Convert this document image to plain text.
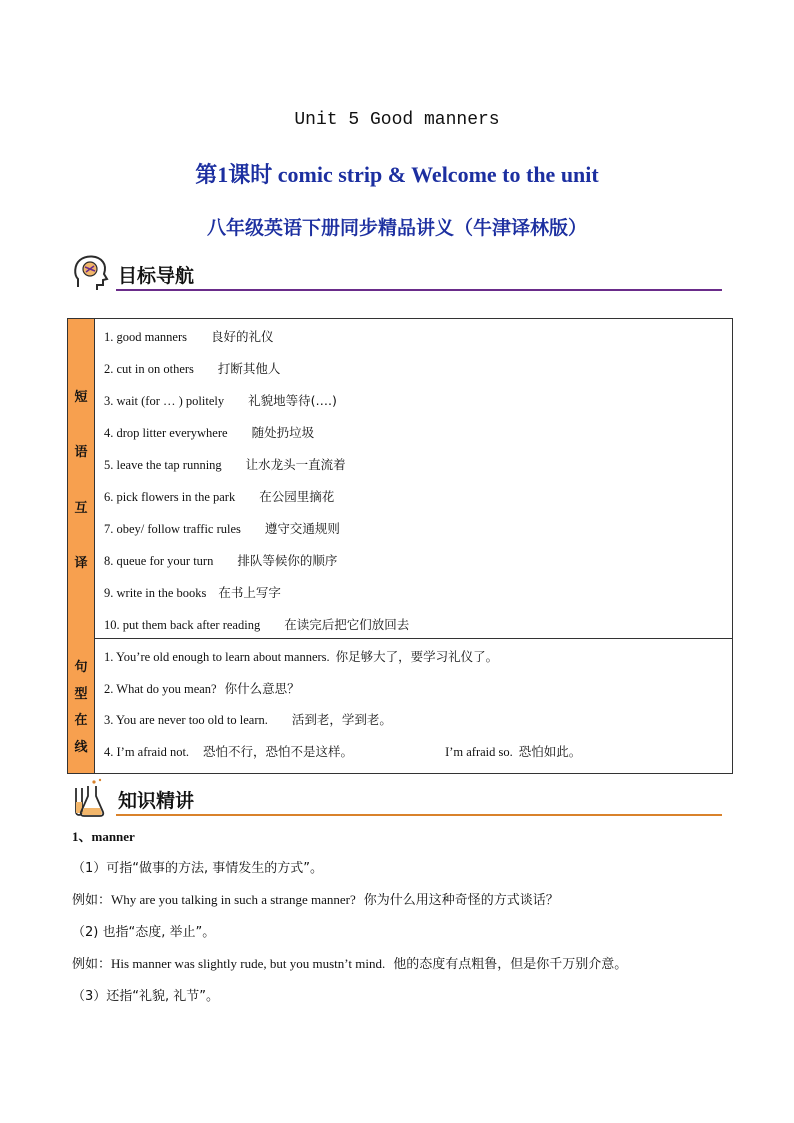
Unit 5 Good manners
第1课时 comic strip & Welcome to the unit
八年级英语下册同步精品讲义（牛津译林版）
目标导航
短
语
互
译
句
型
在
线
1. good manners 良好的礼仪
2. cut in on others 打断其他人
3. wait (for … ) politely 礼貌地等待(….)
4. drop litter everywhere 随处扔垃圾
5. leave the tap running 让水龙头一直流着
6. pick flowers in the park 在公园里摘花
7. obey/ follow traffic rules 遵守交通规则
8. queue for your turn 排队等候你的顺序
9. write in the books 在书上写字
10. put them back after reading 在读完后把它们放回去
1. You’re old enough to learn about manners. 你足够大了，要学习礼仪了。
2. What do you mean? 你什么意思？
3. You are never too old to learn. 活到老，学到老。
4. I’m afraid not. 恐怕不行，恐怕不是这样。	I’m afraid so. 恐怕如此。
知识精讲
1、manner
（1）可指“做事的方法, 事情发生的方式”。
例如：Why are you talking in such a strange manner? 你为什么用这种奇怪的方式谈话？
（2) 也指“态度, 举止”。
例如：His manner was slightly rude, but you mustn’t mind. 他的态度有点粗鲁，但是你千万别介意。
（3）还指“礼貌, 礼节”。
